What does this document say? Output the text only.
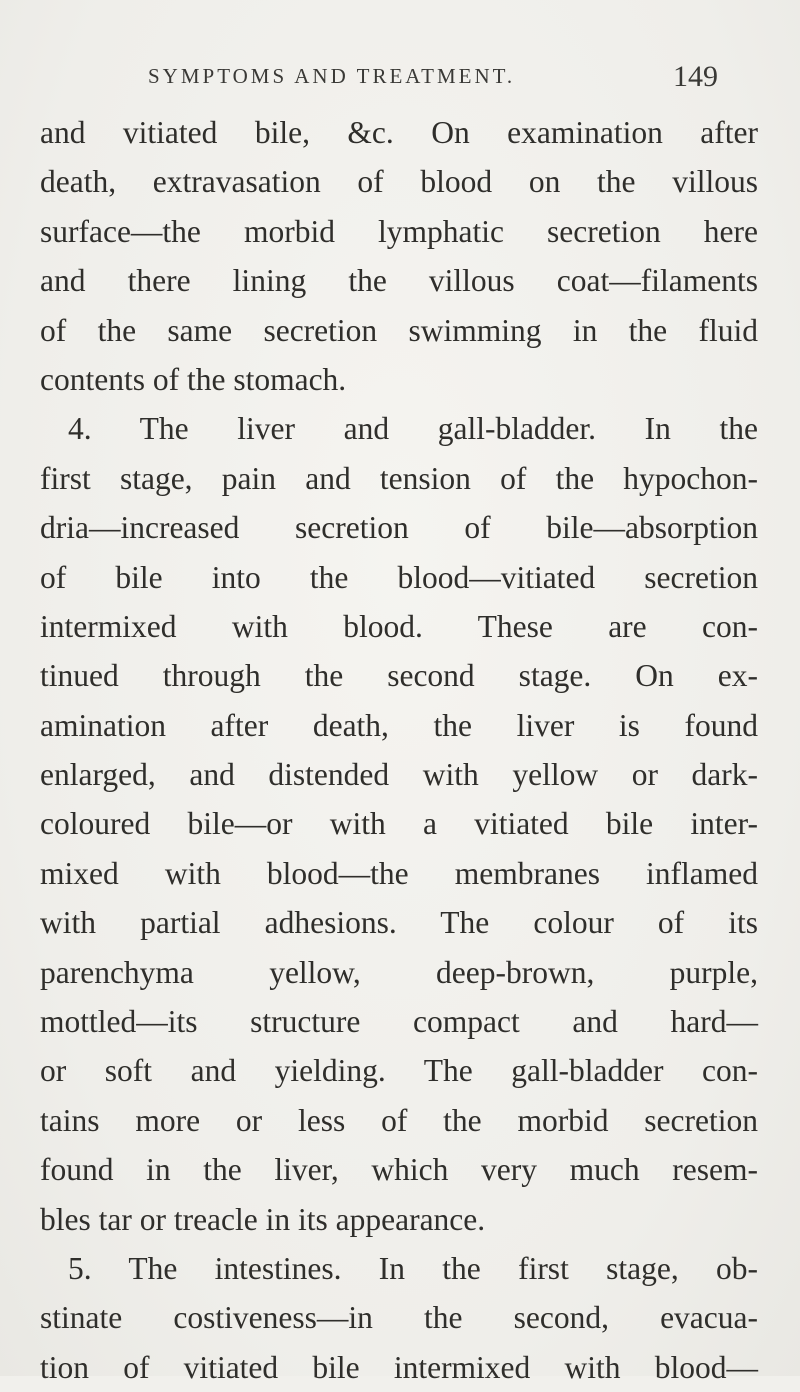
SYMPTOMS AND TREATMENT.	149
and vitiated bile, &c. On examination after
death, extravasation of blood on the villous
surface—the morbid lymphatic secretion here
and there lining the villous coat—filaments
of the same secretion swimming in the fluid
contents of the stomach.
4. The liver and gall-bladder. In the
first stage, pain and tension of the hypochon-
dria—increased secretion of bile—absorption
of bile into the blood—vitiated secretion
intermixed with blood. These are con-
tinued through the second stage. On ex-
amination after death, the liver is found
enlarged, and distended with yellow or dark-
coloured bile—or with a vitiated bile inter-
mixed with blood—the membranes inflamed
with partial adhesions. The colour of its
parenchyma yellow, deep-brown, purple,
mottled—its structure compact and hard—
or soft and yielding. The gall-bladder con-
tains more or less of the morbid secretion
found in the liver, which very much resem-
bles tar or treacle in its appearance.
5. The intestines. In the first stage, ob-
stinate costiveness—in the second, evacua-
tion of vitiated bile intermixed with blood—
